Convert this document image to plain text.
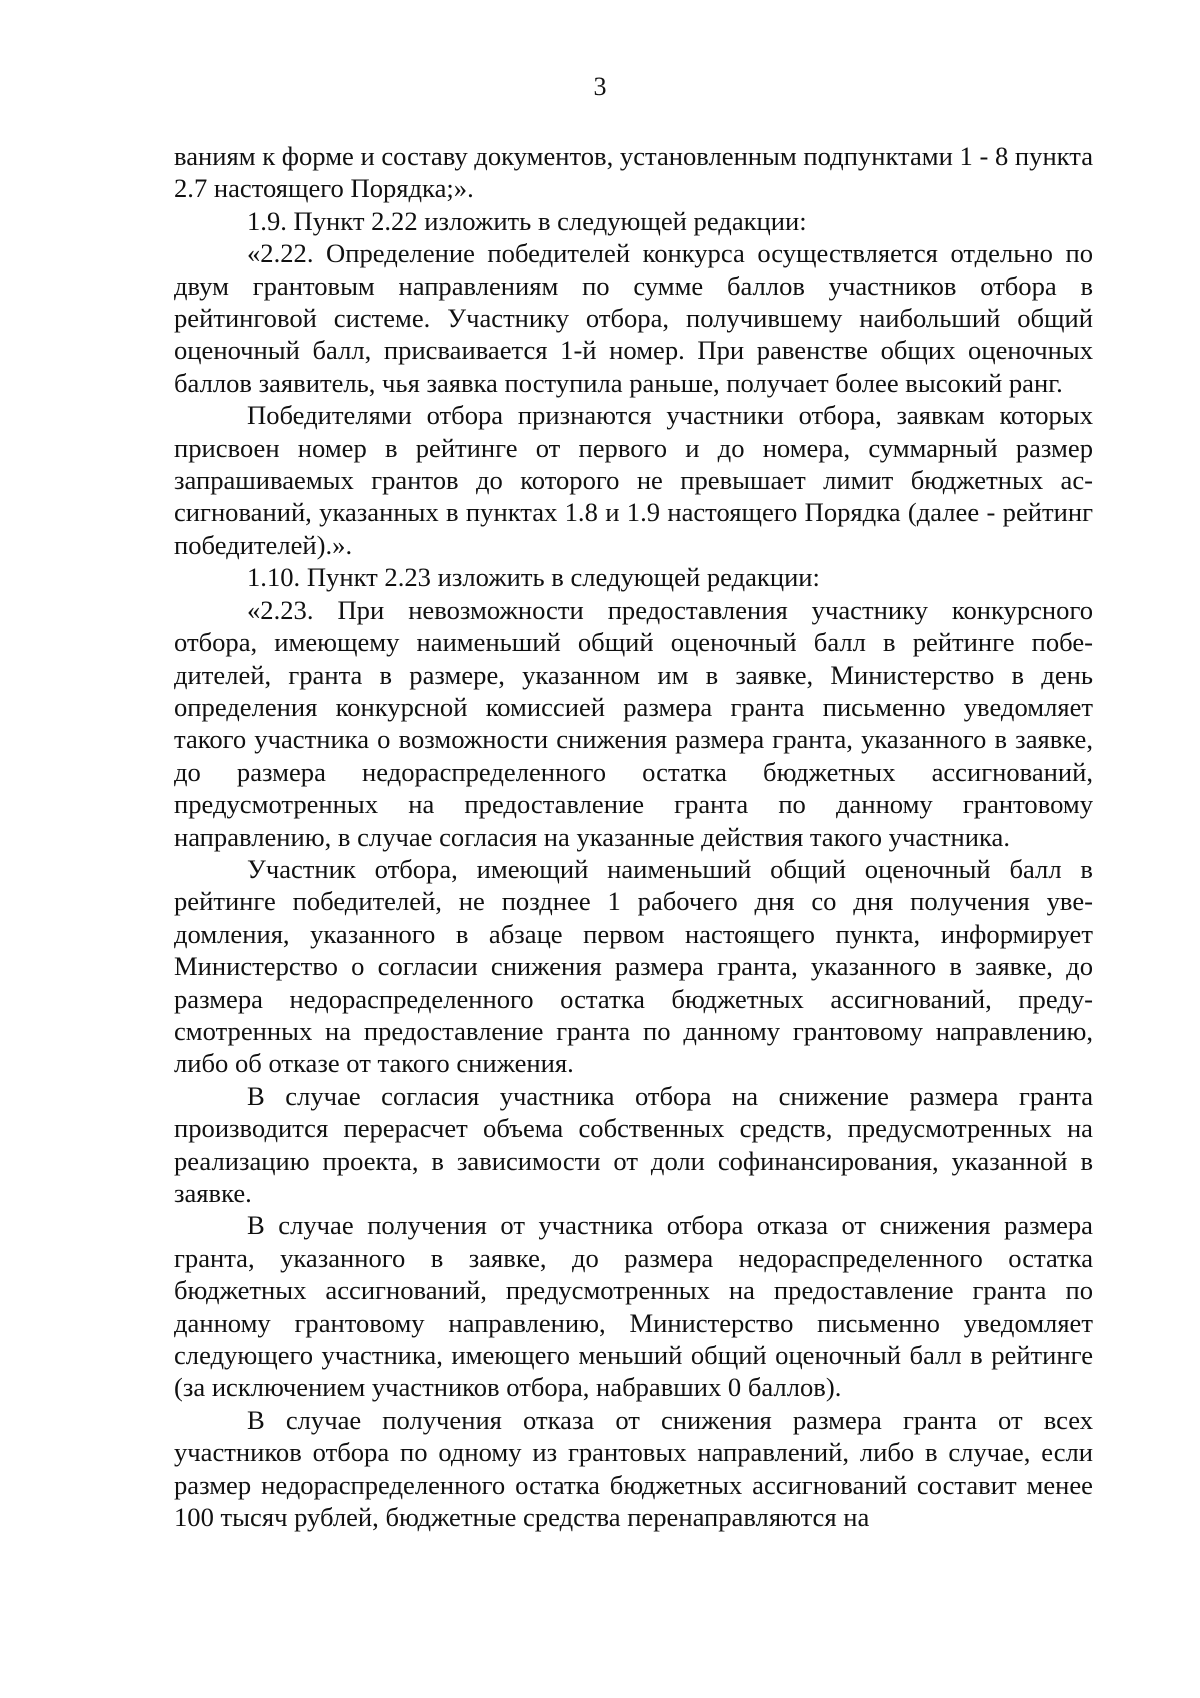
3

ваниям к форме и составу документов, установленным подпунктами 1 - 8 пункта 2.7 настоящего Порядка;».

1.9. Пункт 2.22 изложить в следующей редакции:

«2.22. Определение победителей конкурса осуществляется отдельно по двум грантовым направлениям по сумме баллов участников отбора в рейтинговой системе. Участнику отбора, получившему наибольший общий оценочный балл, присваивается 1-й номер. При равенстве общих оценочных баллов заявитель, чья заявка поступила раньше, получает более высокий ранг.

Победителями отбора признаются участники отбора, заявкам которых присвоен номер в рейтинге от первого и до номера, суммарный размер запрашиваемых грантов до которого не превышает лимит бюджетных ассигнований, указанных в пунктах 1.8 и 1.9 настоящего Порядка (далее - рейтинг победителей).».

1.10. Пункт 2.23 изложить в следующей редакции:

«2.23. При невозможности предоставления участнику конкурсного отбора, имеющему наименьший общий оценочный балл в рейтинге победителей, гранта в размере, указанном им в заявке, Министерство в день определения конкурсной комиссией размера гранта письменно уведомляет такого участника о возможности снижения размера гранта, указанного в заявке, до размера недораспределенного остатка бюджетных ассигнований, предусмотренных на предоставление гранта по данному грантовому направлению, в случае согласия на указанные действия такого участника.

Участник отбора, имеющий наименьший общий оценочный балл в рейтинге победителей, не позднее 1 рабочего дня со дня получения уведомления, указанного в абзаце первом настоящего пункта, информирует Министерство о согласии снижения размера гранта, указанного в заявке, до размера недораспределенного остатка бюджетных ассигнований, предусмотренных на предоставление гранта по данному грантовому направлению, либо об отказе от такого снижения.

В случае согласия участника отбора на снижение размера гранта производится перерасчет объема собственных средств, предусмотренных на реализацию проекта, в зависимости от доли софинансирования, указанной в заявке.

В случае получения от участника отбора отказа от снижения размера гранта, указанного в заявке, до размера недораспределенного остатка бюджетных ассигнований, предусмотренных на предоставление гранта по данному грантовому направлению, Министерство письменно уведомляет следующего участника, имеющего меньший общий оценочный балл в рейтинге (за исключением участников отбора, набравших 0 баллов).

В случае получения отказа от снижения размера гранта от всех участников отбора по одному из грантовых направлений, либо в случае, если размер недораспределенного остатка бюджетных ассигнований составит менее 100 тысяч рублей, бюджетные средства перенаправляются на
